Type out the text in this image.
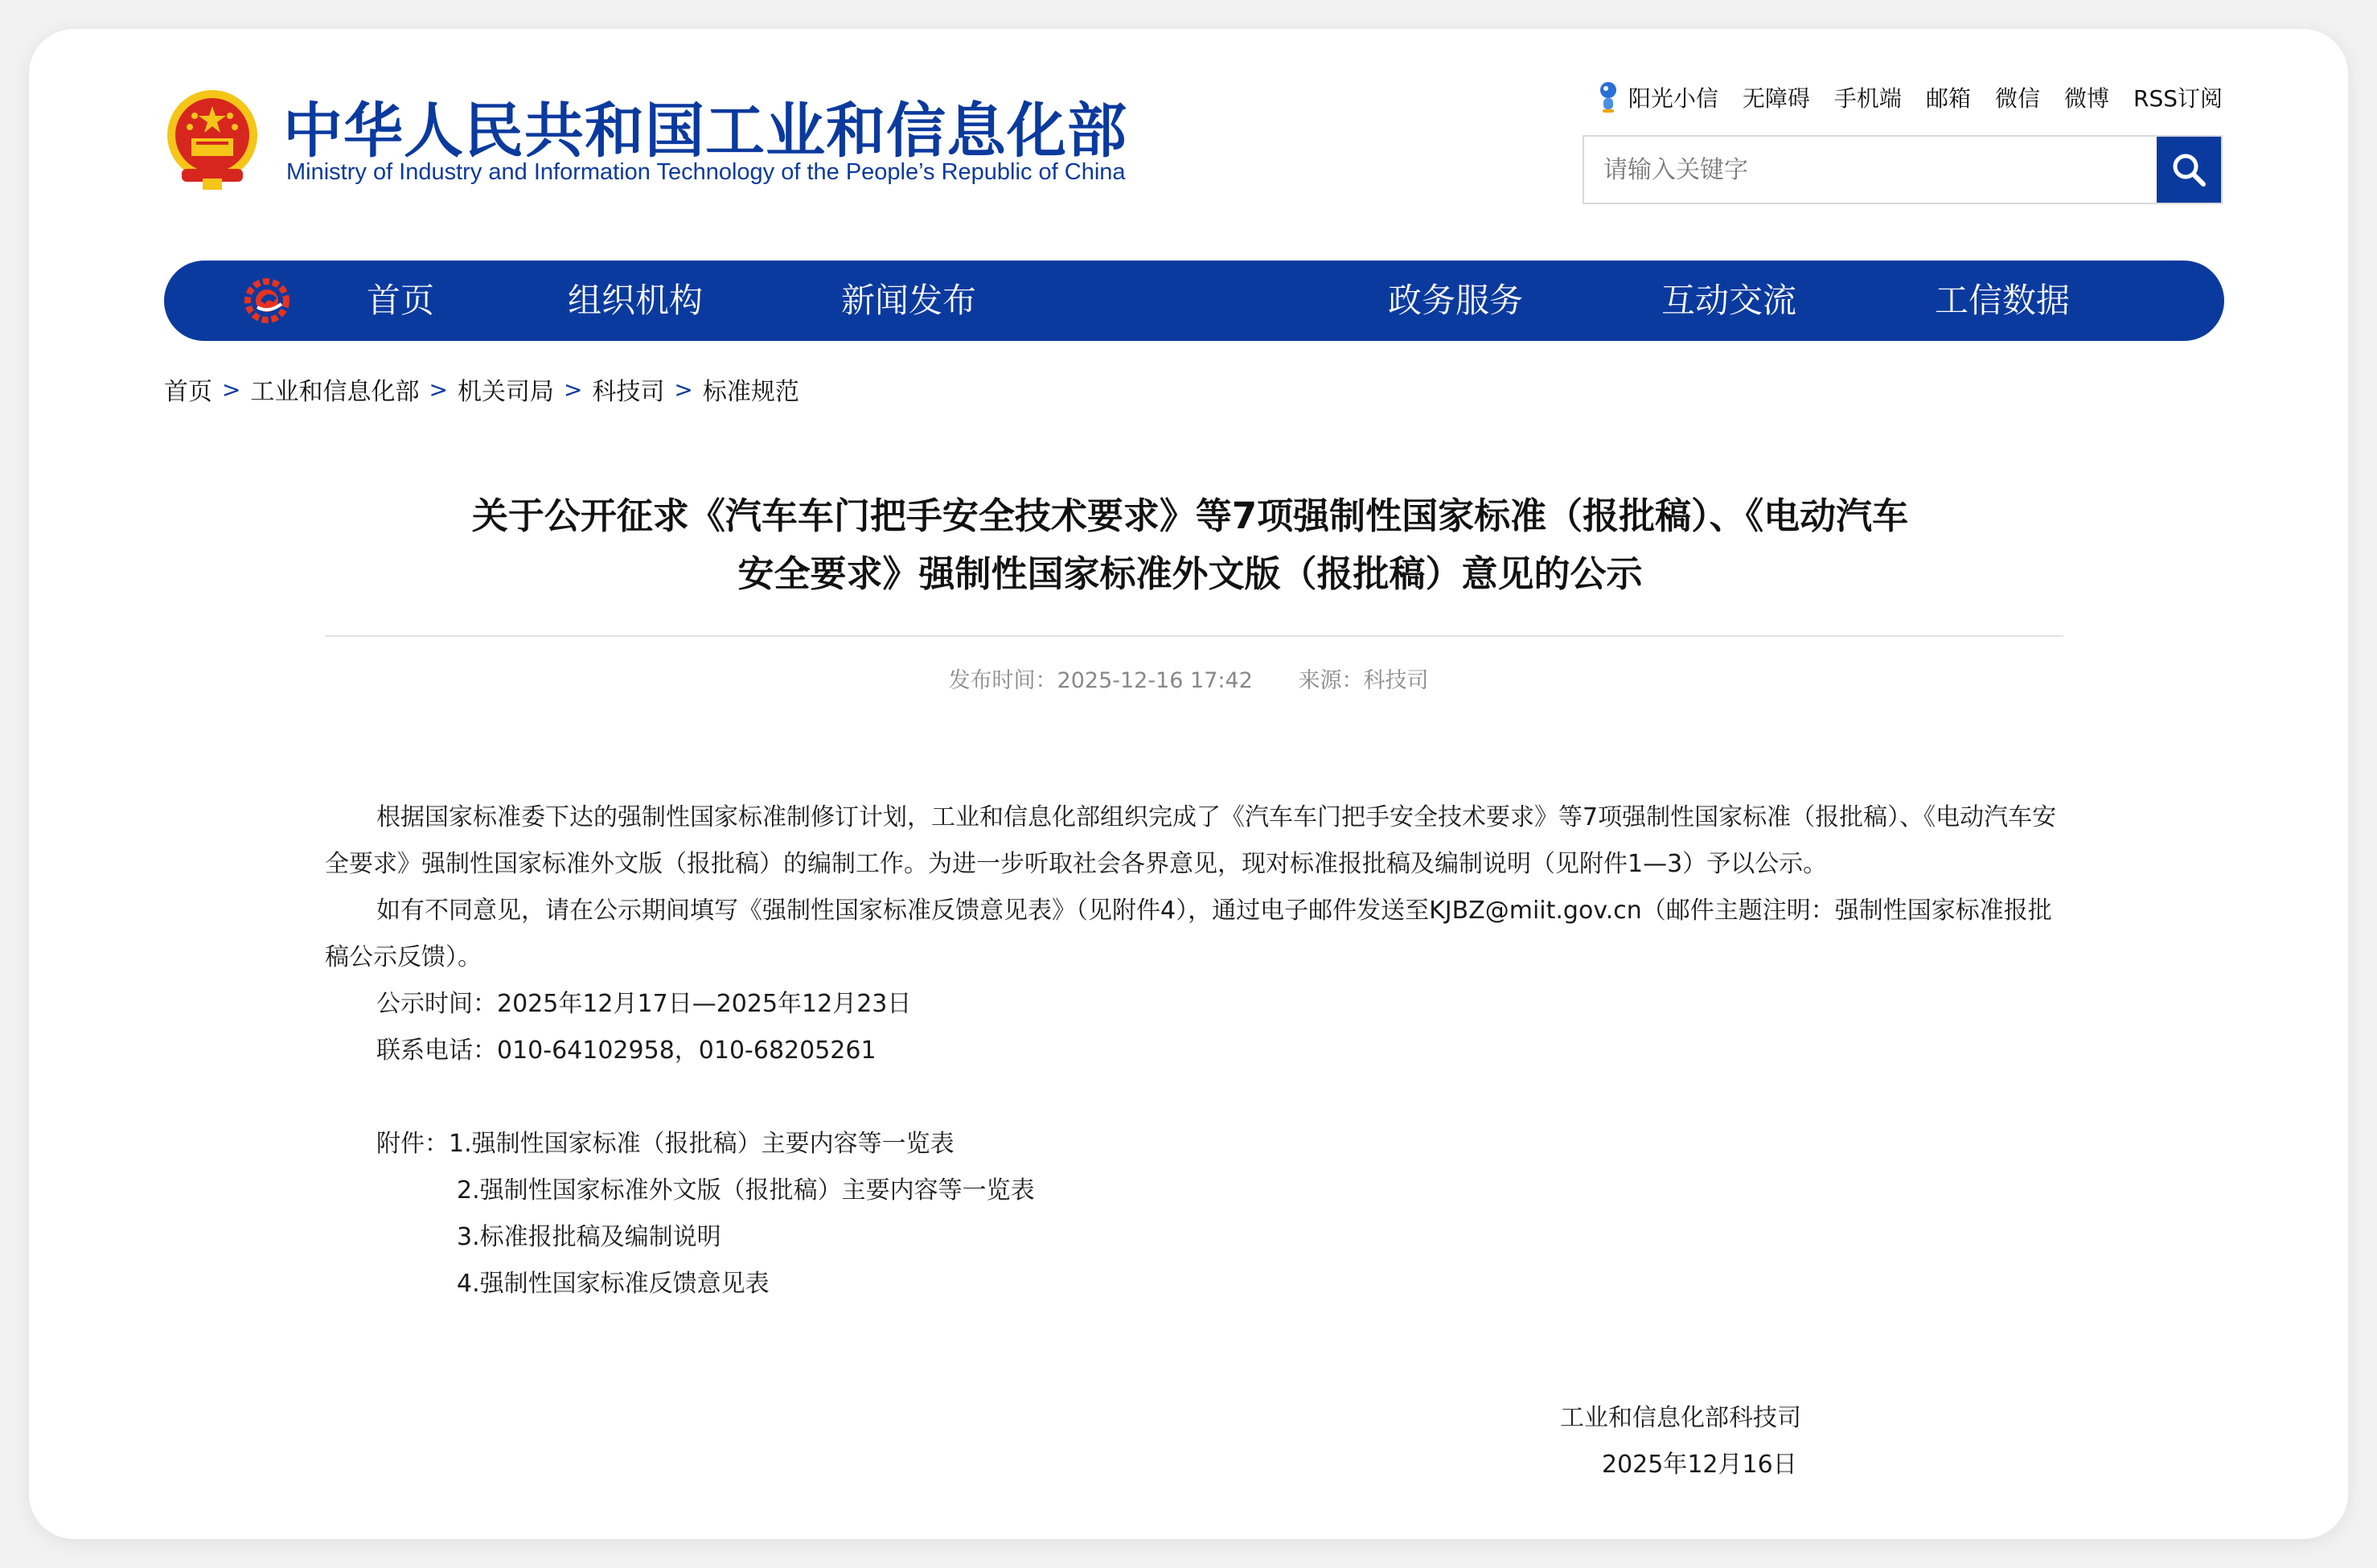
中华人民共和国工业和信息化部
Ministry of Industry and Information Technology of the People’s Republic of China
阳光小信 无障碍 手机端 邮箱 微信 微博 RSS订阅
请输入关键字
首页	组织机构	新闻发布	政务服务	互动交流	工信数据
首页 > 工业和信息化部 > 机关司局 > 科技司 > 标准规范
关于公开征求《汽车车门把手安全技术要求》等7项强制性国家标准（报批稿）、《电动汽车
安全要求》强制性国家标准外文版（报批稿）意见的公示
发布时间：2025-12-16 17:42 来源：科技司

根据国家标准委下达的强制性国家标准制修订计划，工业和信息化部组织完成了《汽车车门把手安全技术要求》等7项强制性国家标准（报批稿）、《电动汽车安全要求》强制性国家标准外文版（报批稿）的编制工作。为进一步听取社会各界意见，现对标准报批稿及编制说明（见附件1—3）予以公示。

如有不同意见，请在公示期间填写《强制性国家标准反馈意见表》（见附件4），通过电子邮件发送至KJBZ@miit.gov.cn（邮件主题注明：强制性国家标准报批稿公示反馈）。

公示时间：2025年12月17日—2025年12月23日

联系电话：010-64102958，010-68205261

附件：1.强制性国家标准（报批稿）主要内容等一览表

2.强制性国家标准外文版（报批稿）主要内容等一览表

3.标准报批稿及编制说明

4.强制性国家标准反馈意见表

工业和信息化部科技司
2025年12月16日
